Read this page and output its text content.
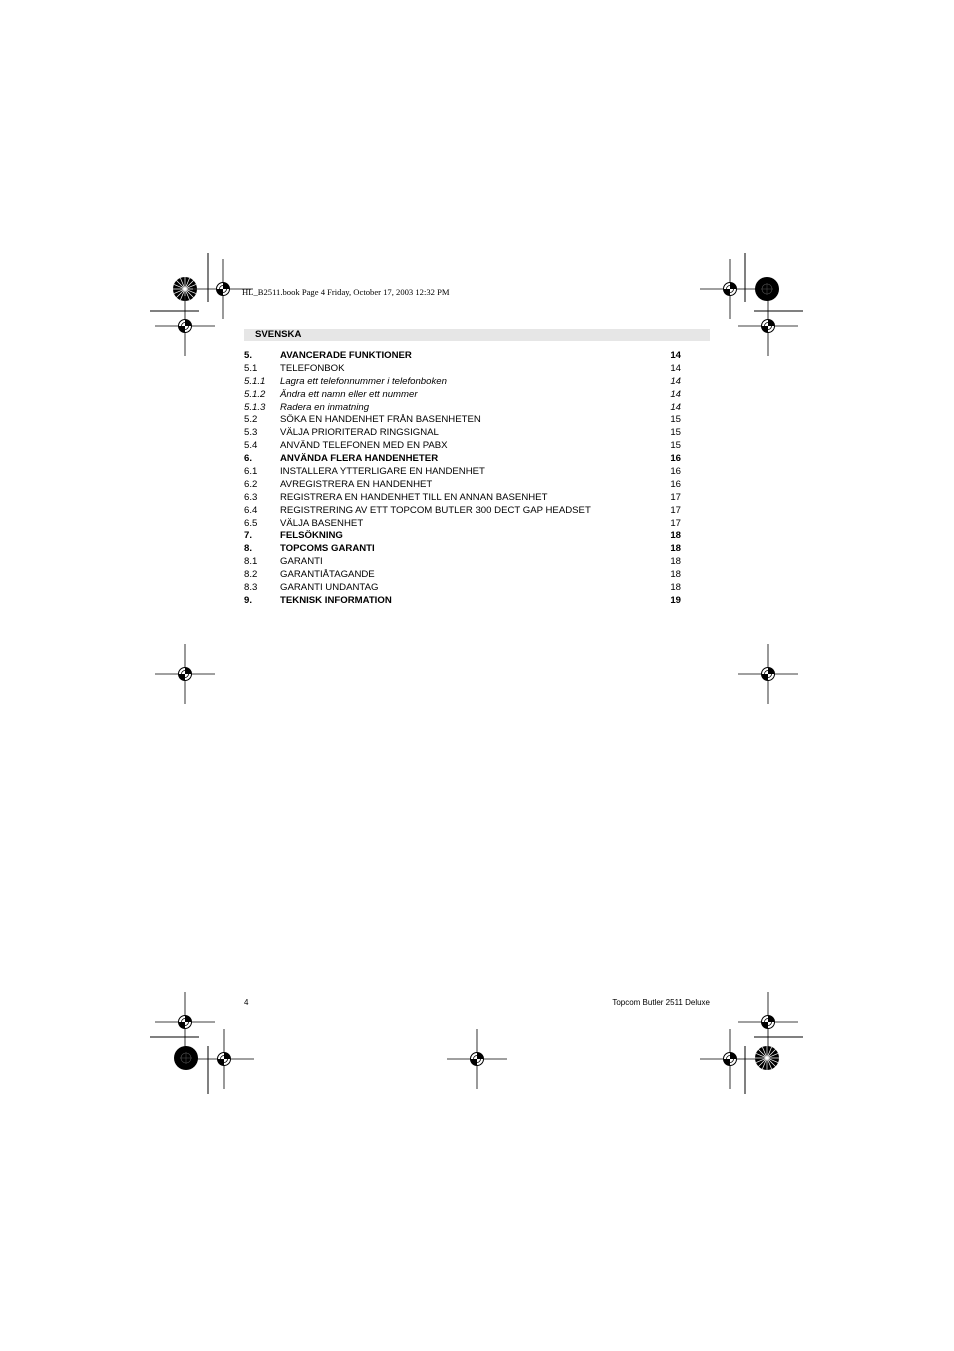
HL_B2511.book Page 4 Friday, October 17, 2003 12:32 PM
SVENSKA
5.	AVANCERADE FUNKTIONER	14
5.1	TELEFONBOK	14
5.1.1	Lagra ett telefonnummer i telefonboken	14
5.1.2	Ändra ett namn eller ett nummer	14
5.1.3	Radera en inmatning	14
5.2	SÖKA EN HANDENHET FRÅN BASENHETEN	15
5.3	VÄLJA PRIORITERAD RINGSIGNAL	15
5.4	ANVÄND TELEFONEN MED EN PABX	15
6.	ANVÄNDA FLERA HANDENHETER	16
6.1	INSTALLERA YTTERLIGARE EN HANDENHET	16
6.2	AVREGISTRERA EN HANDENHET	16
6.3	REGISTRERA EN HANDENHET TILL EN ANNAN BASENHET	17
6.4	REGISTRERING AV ETT TOPCOM BUTLER 300 DECT GAP HEADSET	17
6.5	VÄLJA BASENHET	17
7.	FELSÖKNING	18
8.	TOPCOMS GARANTI	18
8.1	GARANTI	18
8.2	GARANTIÅTAGANDE	18
8.3	GARANTI UNDANTAG	18
9.	TEKNISK INFORMATION	19
4	Topcom Butler 2511 Deluxe
